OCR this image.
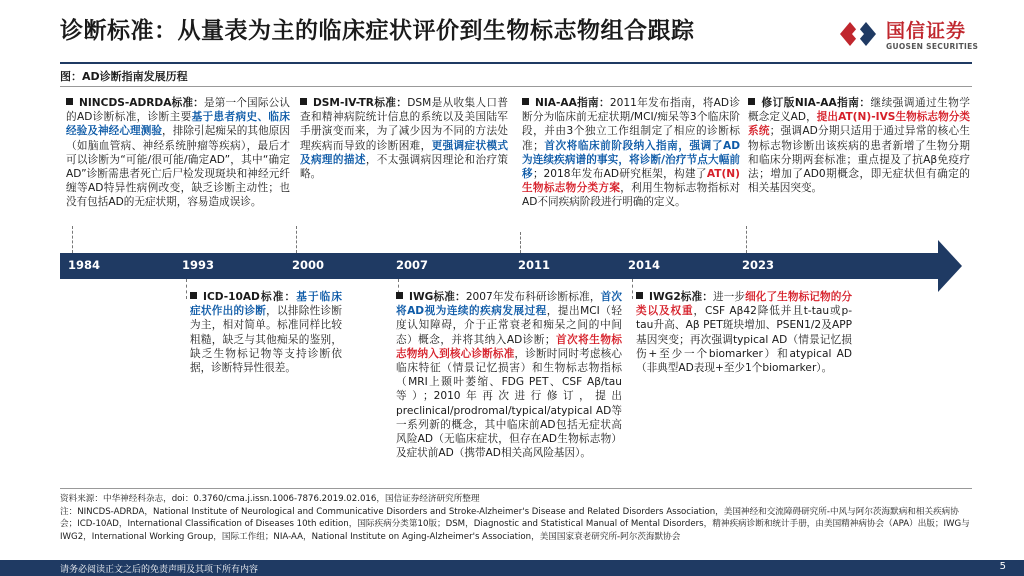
诊断标准：从量表为主的临床症状评价到生物标志物组合跟踪	国信证券
GUOSEN SECURITIES
图：AD诊断指南发展历程
NINCDS-ADRDA标准：是第一个国际公认的AD诊断标准，诊断主要基于患者病史、临床经验及神经心理测验，排除引起痴呆的其他原因（如脑血管病、神经系统肿瘤等疾病），最后才可以诊断为“可能/很可能/确定AD”，其中“确定AD”诊断需患者死亡后尸检发现斑块和神经元纤缠等AD特异性病例改变，缺乏诊断主动性；也没有包括AD的无症状期，容易造成误诊。
DSM-IV-TR标准：DSM是从收集人口普查和精神病院统计信息的系统以及美国陆军手册演变而来，为了减少因为不同的方法处理疾病而导致的诊断困难，更强调症状模式及病理的描述，不太强调病因理论和治疗策略。
NIA-AA指南：2011年发布指南，将AD诊断分为临床前无症状期/MCI/痴呆等3个临床阶段，并由3个独立工作组制定了相应的诊断标准；首次将临床前阶段纳入指南，强调了AD为连续疾病谱的事实，将诊断/治疗节点大幅前移；2018年发布AD研究框架，构建了AT(N)生物标志物分类方案，利用生物标志物指标对AD不同疾病阶段进行明确的定义。
修订版NIA-AA指南：继续强调通过生物学概念定义AD，提出AT(N)-IVS生物标志物分类系统；强调AD分期只适用于通过异常的核心生物标志物诊断出该疾病的患者新增了生物分期和临床分期两套标准；重点提及了抗Aβ免疫疗法；增加了AD0期概念，即无症状但有确定的相关基因突变。
1984	1993	2000	2007	2011	2014	2023
ICD-10AD标准：基于临床症状作出的诊断，以排除性诊断为主，相对简单。标准同样比较粗糙，缺乏与其他痴呆的鉴别，缺乏生物标记物等支持诊断依据，诊断特异性很差。
IWG标准：2007年发布科研诊断标准，首次将AD视为连续的疾病发展过程，提出MCI（轻度认知障碍，介于正常衰老和痴呆之间的中间态）概念，并将其纳入AD诊断；首次将生物标志物纳入到核心诊断标准，诊断时同时考虑核心临床特征（情景记忆损害）和生物标志物指标（MRI上颞叶萎缩、FDG PET、CSF Aβ/tau等）；2010年再次进行修订，提出preclinical/prodromal/typical/atypical AD等一系列新的概念，其中临床前AD包括无症状高风险AD（无临床症状，但存在AD生物标志物）及症状前AD（携带AD相关高风险基因）。
IWG2标准：进一步细化了生物标记物的分类以及权重，CSF Aβ42降低并且t-tau或p-tau升高、Aβ PET斑块增加、PSEN1/2及APP基因突变；再次强调typical AD（情景记忆损伤+至少一个biomarker）和atypical AD（非典型AD表现+至少1个biomarker）。
资料来源：中华神经科杂志，doi：0.3760/cma.j.issn.1006-7876.2019.02.016，国信证券经济研究所整理
注：NINCDS-ADRDA，National Institute of Neurological and Communicative Disorders and Stroke-Alzheimer's Disease and Related Disorders Association，美国神经和交流障碍研究所-中风与阿尔茨海默病和相关疾病协会；ICD-10AD，International Classification of Diseases 10th edition，国际疾病分类第10版；DSM，Diagnostic and Statistical Manual of Mental Disorders，精神疾病诊断和统计手册，由美国精神病协会（APA）出版；IWG与IWG2，International Working Group，国际工作组；NIA-AA，National Institute on Aging-Alzheimer's Association，美国国家衰老研究所-阿尔茨海默协会
请务必阅读正文之后的免责声明及其项下所有内容	5
